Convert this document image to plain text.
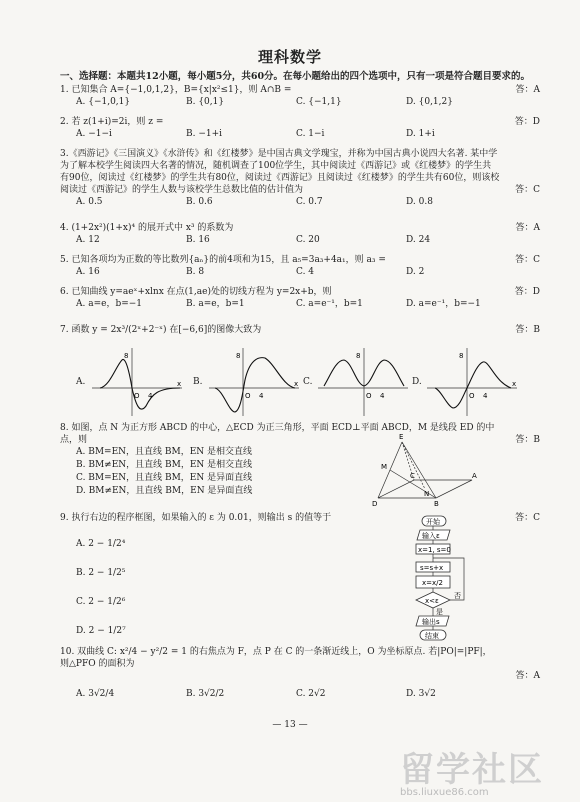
理科数学
一、选择题：本题共12小题，每小题5分，共60分。在每小题给出的四个选项中，只有一项是符合题目要求的。
1. 已知集合 A={−1,0,1,2}，B={x|x²≤1}，则 A∩B =	答：A
A. {−1,0,1}	B. {0,1}	C. {−1,1}	D. {0,1,2}
2. 若 z(1+i)=2i，则 z =	答：D
A. −1−i	B. −1+i	C. 1−i	D. 1+i
3.《西游记》《三国演义》《水浒传》和《红楼梦》是中国古典文学瑰宝，并称为中国古典小说四大名著. 某中学为了解本校学生阅读四大名著的情况，随机调查了100位学生，其中阅读过《西游记》或《红楼梦》的学生共有90位，阅读过《红楼梦》的学生共有80位，阅读过《西游记》且阅读过《红楼梦》的学生共有60位，则该校阅读过《西游记》的学生人数与该校学生总数比值的估计值为	答：C
A. 0.5	B. 0.6	C. 0.7	D. 0.8
4. (1+2x²)(1+x)⁴ 的展开式中 x³ 的系数为	答：A
A. 12	B. 16	C. 20	D. 24
5. 已知各项均为正数的等比数列{aₙ}的前4项和为15，且 a₅=3a₃+4a₁，则 a₃ =	答：C
A. 16	B. 8	C. 4	D. 2
6. 已知曲线 y=aeˣ+xlnx 在点(1,ae)处的切线方程为 y=2x+b，则	答：D
A. a=e，b=−1	B. a=e，b=1	C. a=e⁻¹，b=1	D. a=e⁻¹，b=−1
7. 函数 y = 2x³/(2ˣ+2⁻ˣ) 在[−6,6]的图像大致为	答：B
A.	B.	C.	D.
8
O 4
x
8
O 4
x
8
O 4
8
O 4
x
8. 如图，点 N 为正方形 ABCD 的中心，△ECD 为正三角形，平面 ECD⊥平面 ABCD，M 是线段 ED 的中点，则	答：B
A. BM=EN，且直线 BM，EN 是相交直线
B. BM≠EN，且直线 BM，EN 是相交直线
C. BM=EN，且直线 BM，EN 是异面直线
D. BM≠EN，且直线 BM，EN 是异面直线
E
M
D
C
N
B
A
9. 执行右边的程序框图，如果输入的 ε 为 0.01，则输出 s 的值等于	答：C
A. 2 − 1/2⁴
B. 2 − 1/2⁵
C. 2 − 1/2⁶
D. 2 − 1/2⁷
开始
输入ε
x=1, s=0
s=s+x
x=x/2
x<ε
是
否
输出s
结束
10. 双曲线 C: x²/4 − y²/2 = 1 的右焦点为 F，点 P 在 C 的一条渐近线上，O 为坐标原点. 若|PO|=|PF|，则△PFO 的面积为
答：A
A. 3√2/4	B. 3√2/2	C. 2√2	D. 3√2
— 13 —
留学社区
bbs.liuxue86.com
